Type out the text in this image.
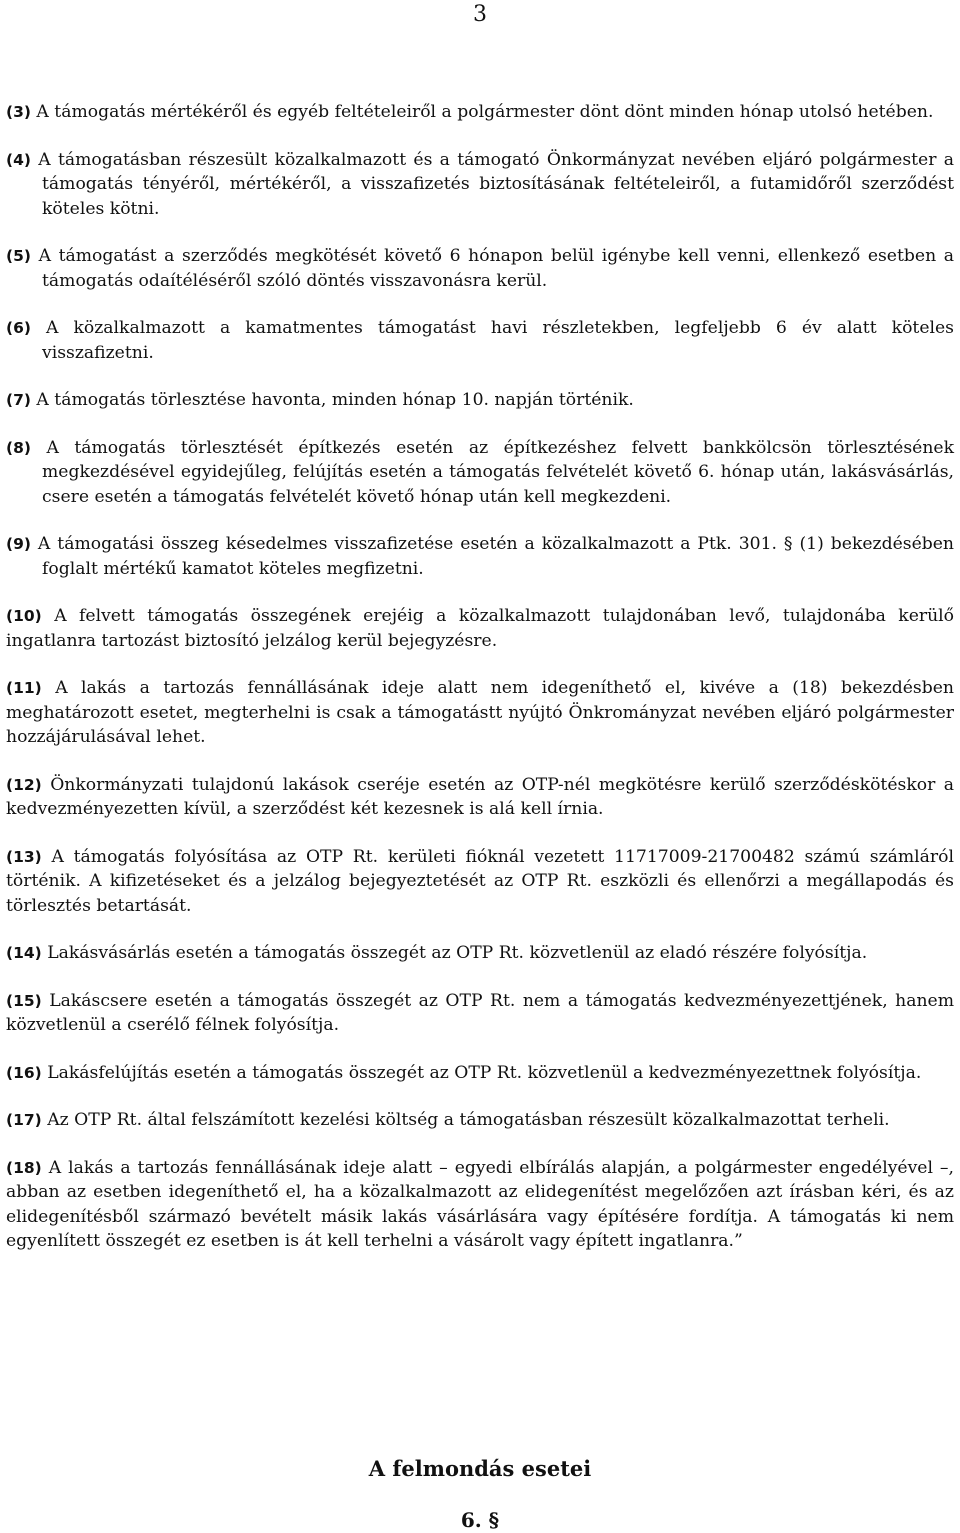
3

(3) A támogatás mértékéről és egyéb feltételeiről a polgármester dönt dönt minden hónap utolsó hetében.

(4) A támogatásban részesült közalkalmazott és a támogató Önkormányzat nevében eljáró polgármester a támogatás tényéről, mértékéről, a visszafizetés biztosításának feltételeiről, a futamidőről szerződést köteles kötni.

(5) A támogatást a szerződés megkötését követő 6 hónapon belül igénybe kell venni, ellenkező esetben a támogatás odaítéléséről szóló döntés visszavonásra kerül.

(6) A közalkalmazott a kamatmentes támogatást havi részletekben, legfeljebb 6 év alatt köteles visszafizetni.

(7) A támogatás törlesztése havonta, minden hónap 10. napján történik.

(8) A támogatás törlesztését építkezés esetén az építkezéshez felvett bankkölcsön törlesztésének megkezdésével egyidejűleg, felújítás esetén a támogatás felvételét követő 6. hónap után, lakásvásárlás, csere esetén a támogatás felvételét követő hónap után kell megkezdeni.

(9) A támogatási összeg késedelmes visszafizetése esetén a közalkalmazott a Ptk. 301. § (1) bekezdésében foglalt mértékű kamatot köteles megfizetni.

(10) A felvett támogatás összegének erejéig a közalkalmazott tulajdonában levő, tulajdonába kerülő ingatlanra tartozást biztosító jelzálog kerül bejegyzésre.

(11) A lakás a tartozás fennállásának ideje alatt nem idegeníthető el, kivéve a (18) bekezdésben meghatározott esetet, megterhelni is csak a támogatástt nyújtó Önkrományzat nevében eljáró polgármester hozzájárulásával lehet.

(12) Önkormányzati tulajdonú lakások cseréje esetén az OTP-nél megkötésre kerülő szerződéskötéskor a kedvezményezetten kívül, a szerződést két kezesnek is alá kell írnia.

(13) A támogatás folyósítása az OTP Rt. kerületi fióknál vezetett 11717009-21700482 számú számláról történik. A kifizetéseket és a jelzálog bejegyeztetését az OTP Rt. eszközli és ellenőrzi a megállapodás és törlesztés betartását.

(14) Lakásvásárlás esetén a támogatás összegét az OTP Rt. közvetlenül az eladó részére folyósítja.

(15) Lakáscsere esetén a támogatás összegét az OTP Rt. nem a támogatás kedvezményezettjének, hanem közvetlenül a cserélő félnek folyósítja.

(16) Lakásfelújítás esetén a támogatás összegét az OTP Rt. közvetlenül a kedvezményezettnek folyósítja.

(17) Az OTP Rt. által felszámított kezelési költség a támogatásban részesült közalkalmazottat terheli.

(18) A lakás a tartozás fennállásának ideje alatt – egyedi elbírálás alapján, a polgármester engedélyével –, abban az esetben idegeníthető el, ha a közalkalmazott az elidegenítést megelőzően azt írásban kéri, és az elidegenítésből származó bevételt másik lakás vásárlására vagy építésére fordítja. A támogatás ki nem egyenlített összegét ez esetben is át kell terhelni a vásárolt vagy épített ingatlanra.”

A felmondás esetei
6. §
